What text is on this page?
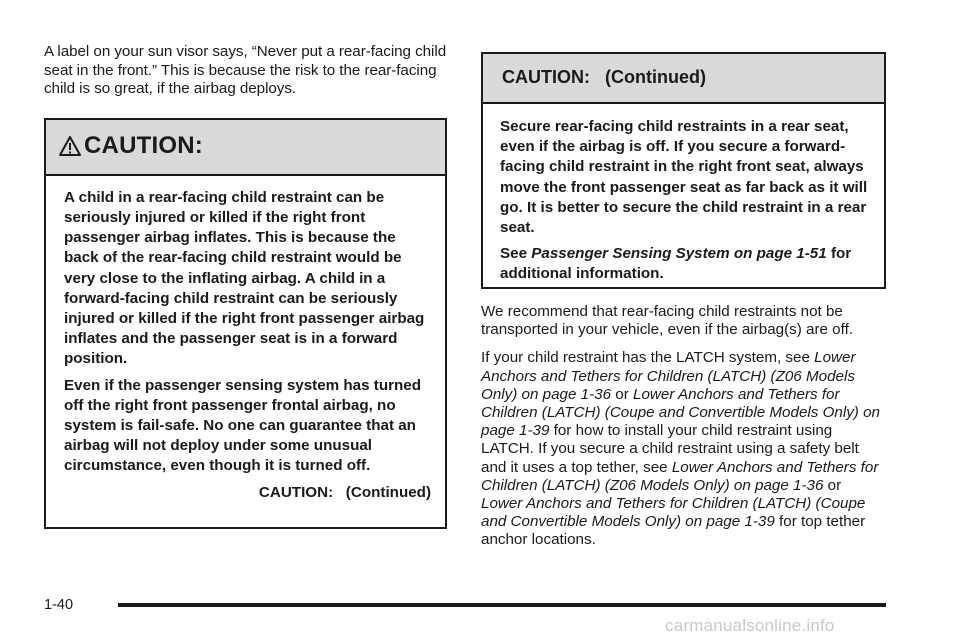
A label on your sun visor says, “Never put a rear-facing child seat in the front.” This is because the risk to the rear-facing child is so great, if the airbag deploys.

CAUTION:

A child in a rear-facing child restraint can be seriously injured or killed if the right front passenger airbag inflates. This is because the back of the rear-facing child restraint would be very close to the inflating airbag. A child in a forward-facing child restraint can be seriously injured or killed if the right front passenger airbag inflates and the passenger seat is in a forward position.

Even if the passenger sensing system has turned off the right front passenger frontal airbag, no system is fail-safe. No one can guarantee that an airbag will not deploy under some unusual circumstance, even though it is turned off.

CAUTION:   (Continued)
CAUTION:   (Continued)

Secure rear-facing child restraints in a rear seat, even if the airbag is off. If you secure a forward-facing child restraint in the right front seat, always move the front passenger seat as far back as it will go. It is better to secure the child restraint in a rear seat.

See Passenger Sensing System on page 1-51 for additional information.

We recommend that rear-facing child restraints not be transported in your vehicle, even if the airbag(s) are off.

If your child restraint has the LATCH system, see Lower Anchors and Tethers for Children (LATCH) (Z06 Models Only) on page 1-36 or Lower Anchors and Tethers for Children (LATCH) (Coupe and Convertible Models Only) on page 1-39 for how to install your child restraint using LATCH. If you secure a child restraint using a safety belt and it uses a top tether, see Lower Anchors and Tethers for Children (LATCH) (Z06 Models Only) on page 1-36 or Lower Anchors and Tethers for Children (LATCH) (Coupe and Convertible Models Only) on page 1-39 for top tether anchor locations.

1-40
carmanualsonline.info
